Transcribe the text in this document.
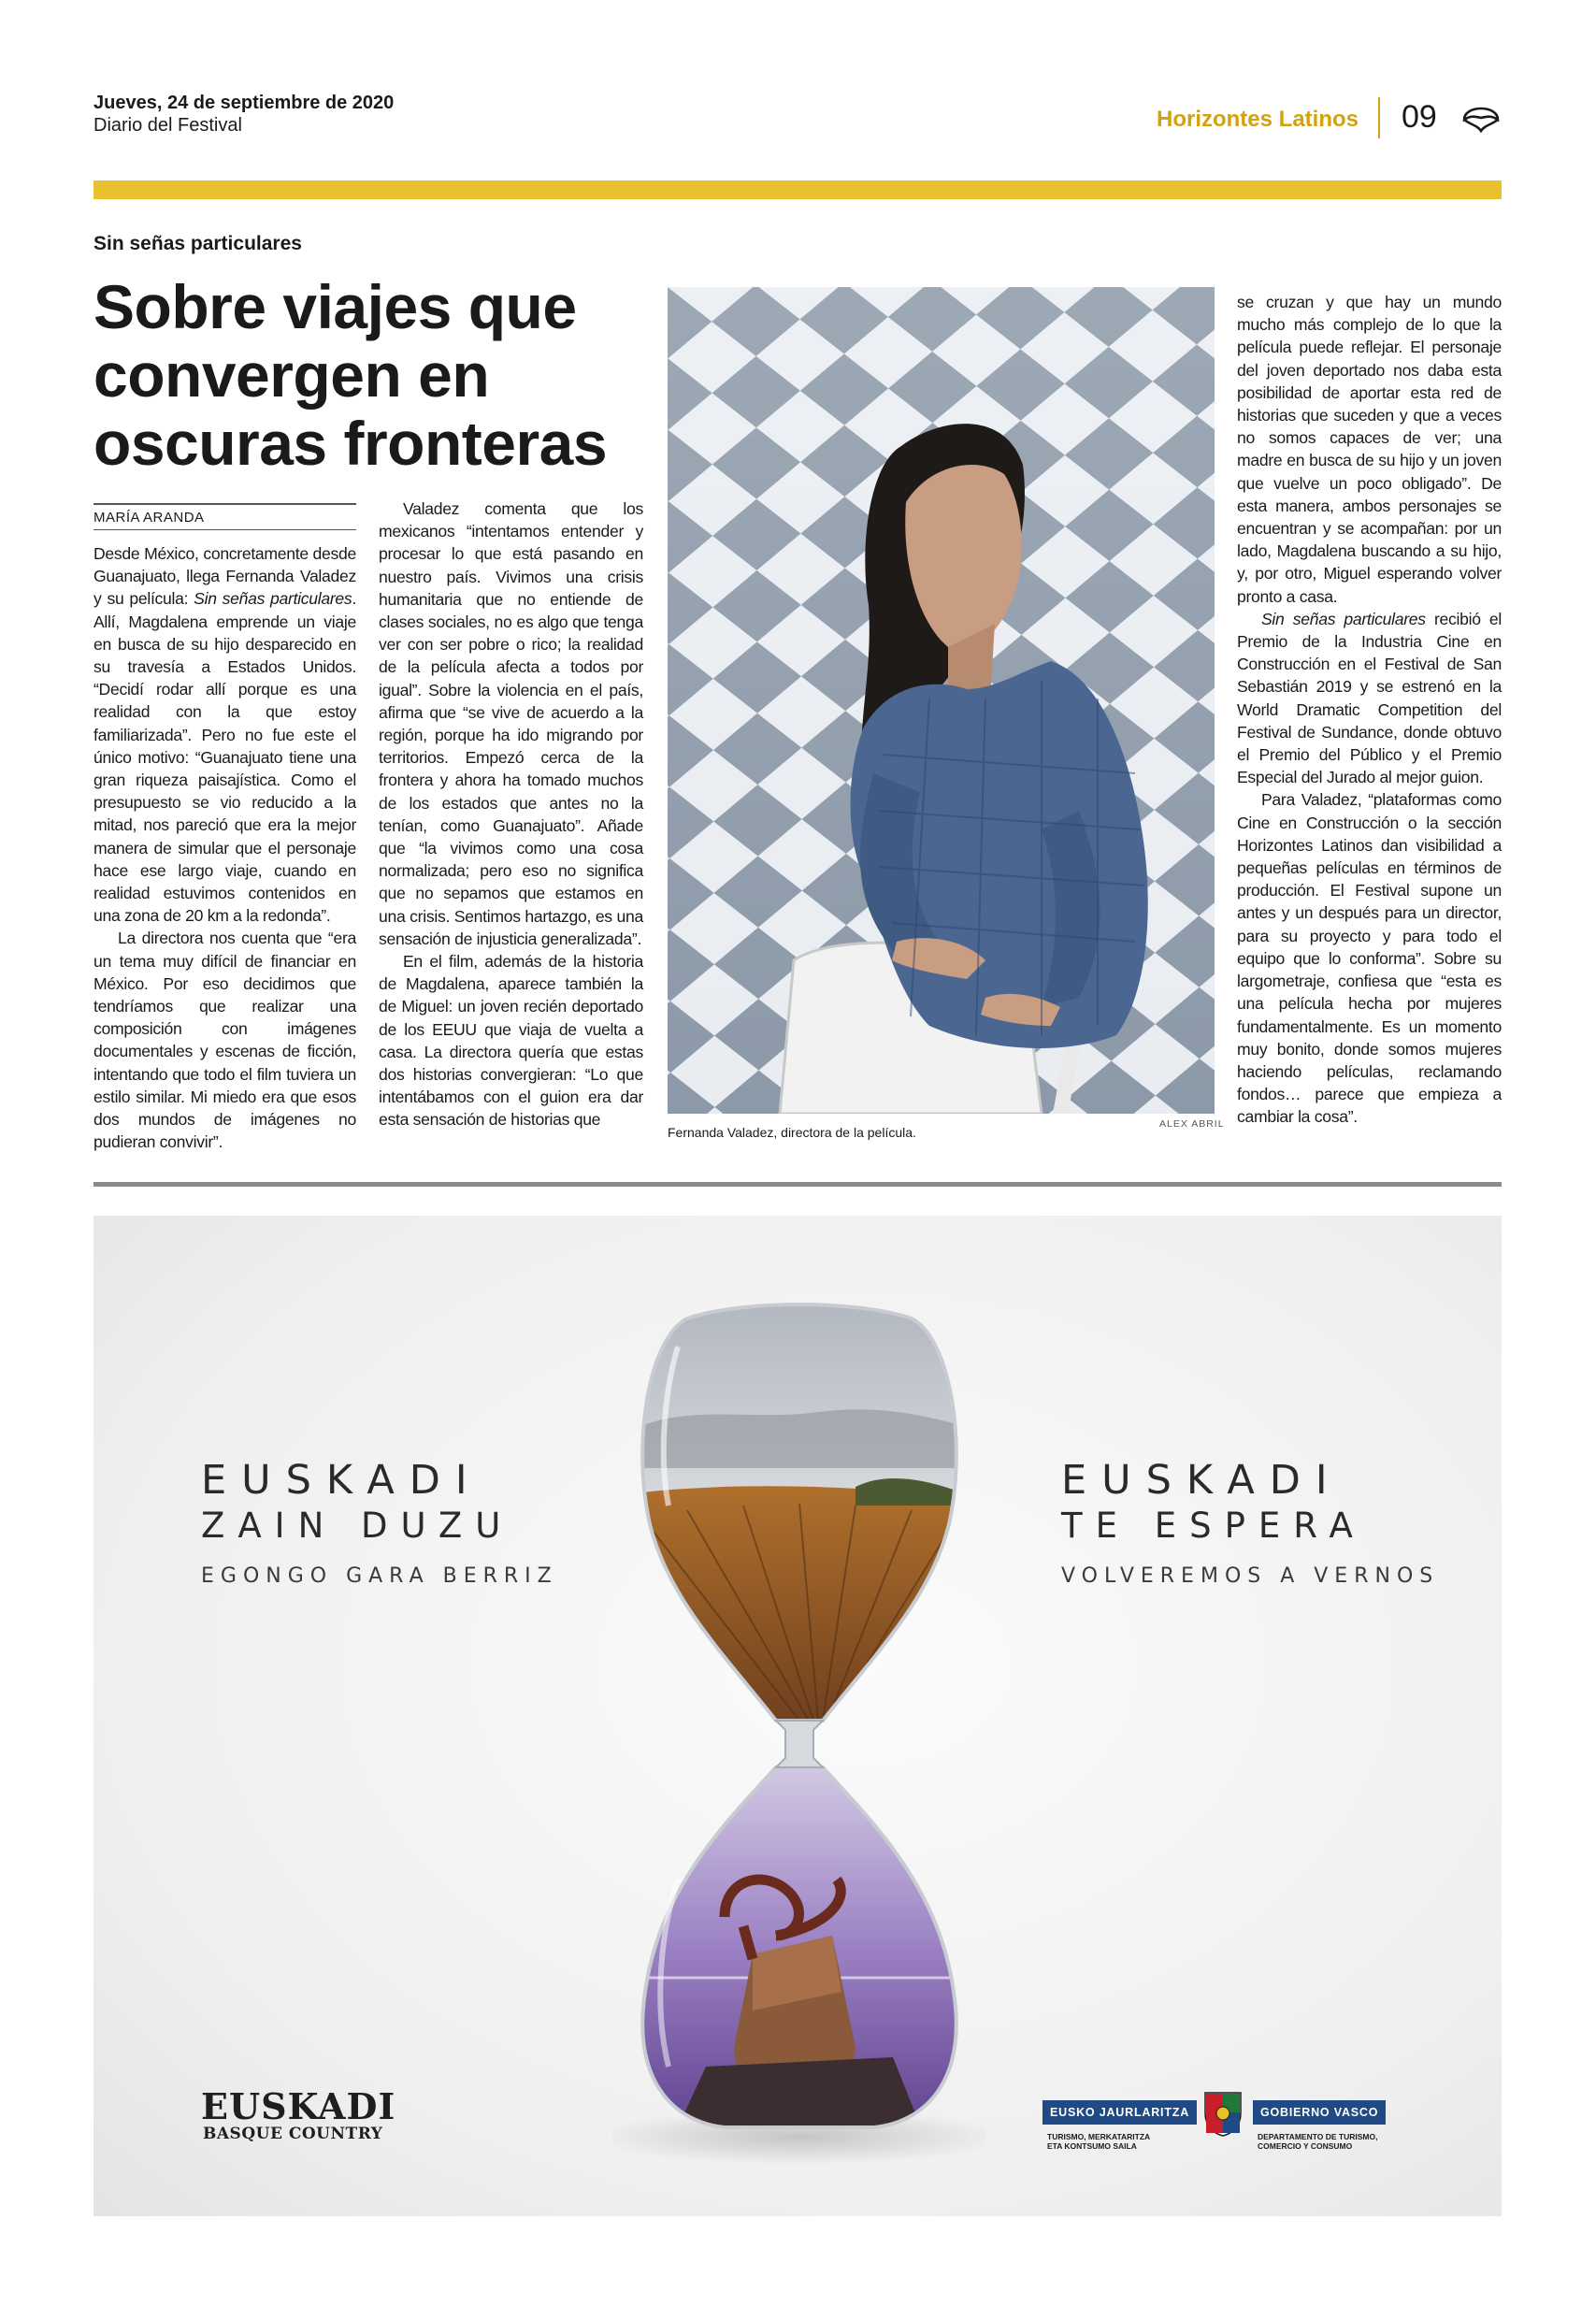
Jueves, 24 de septiembre de 2020
Diario del Festival	Horizontes Latinos 09
Sin señas particulares
Sobre viajes que convergen en oscuras fronteras
MARÍA ARANDA

Desde México, concretamente desde Guanajuato, llega Fernanda Valadez y su película: Sin señas particulares. Allí, Magdalena emprende un viaje en busca de su hijo desparecido en su travesía a Estados Unidos. “Decidí rodar allí porque es una realidad con la que estoy familiarizada”. Pero no fue este el único motivo: “Guanajuato tiene una gran riqueza paisajística. Como el presupuesto se vio reducido a la mitad, nos pareció que era la mejor manera de simular que el personaje hace ese largo viaje, cuando en realidad estuvimos contenidos en una zona de 20 km a la redonda”.

La directora nos cuenta que “era un tema muy difícil de financiar en México. Por eso decidimos que tendríamos que realizar una composición con imágenes documentales y escenas de ficción, intentando que todo el film tuviera un estilo similar. Mi miedo era que esos dos mundos de imágenes no pudieran convivir”.

Valadez comenta que los mexicanos “intentamos entender y procesar lo que está pasando en nuestro país. Vivimos una crisis humanitaria que no entiende de clases sociales, no es algo que tenga ver con ser pobre o rico; la realidad de la película afecta a todos por igual”. Sobre la violencia en el país, afirma que “se vive de acuerdo a la región, porque ha ido migrando por territorios. Empezó cerca de la frontera y ahora ha tomado muchos de los estados que antes no la tenían, como Guanajuato”. Añade que “la vivimos como una cosa normalizada; pero eso no significa que no sepamos que estamos en una crisis. Sentimos hartazgo, es una sensación de injusticia generalizada”.

En el film, además de la historia de Magdalena, aparece también la de Miguel: un joven recién deportado de los EEUU que viaja de vuelta a casa. La directora quería que estas dos historias convergieran: “Lo que intentábamos con el guion era dar esta sensación de historias que

se cruzan y que hay un mundo mucho más complejo de lo que la película puede reflejar. El personaje del joven deportado nos daba esta posibilidad de aportar esta red de historias que suceden y que a veces no somos capaces de ver; una madre en busca de su hijo y un joven que vuelve un poco obligado”. De esta manera, ambos personajes se encuentran y se acompañan: por un lado, Magdalena buscando a su hijo, y, por otro, Miguel esperando volver pronto a casa.

Sin señas particulares recibió el Premio de la Industria Cine en Construcción en el Festival de San Sebastián 2019 y se estrenó en la World Dramatic Competition del Festival de Sundance, donde obtuvo el Premio del Público y el Premio Especial del Jurado al mejor guion.

Para Valadez, “plataformas como Cine en Construcción o la sección Horizontes Latinos dan visibilidad a pequeñas películas en términos de producción. El Festival supone un antes y un después para un director, para su proyecto y para todo el equipo que lo conforma”. Sobre su largometraje, confiesa que “esta es una película hecha por mujeres fundamentalmente. Es un momento muy bonito, donde somos mujeres haciendo películas, reclamando fondos… parece que empieza a cambiar la cosa”.

Fernanda Valadez, directora de la película.
ALEX ABRIL
EUSKADI
ZAIN DUZU
EGONGO GARA BERRIZ
EUSKADI
TE ESPERA
VOLVEREMOS A VERNOS
EUSKADI
BASQUE COUNTRY
EUSKO JAURLARITZA	GOBIERNO VASCO
TURISMO, MERKATARITZA
ETA KONTSUMO SAILA
DEPARTAMENTO DE TURISMO,
COMERCIO Y CONSUMO
